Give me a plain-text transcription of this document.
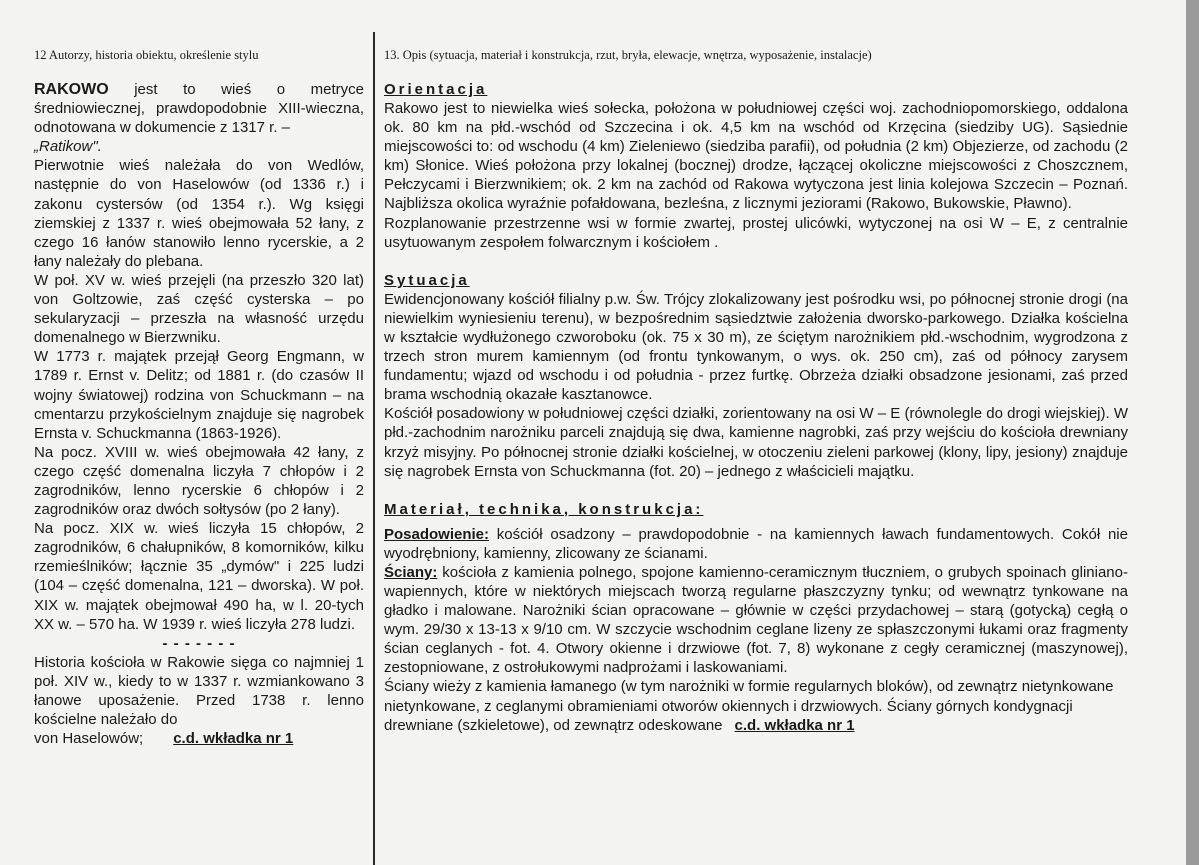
12 Autorzy, historia obiektu, określenie stylu

RAKOWO jest to wieś o metryce średniowiecznej, prawdopodobnie XIII-wieczna, odnotowana w dokumencie z 1317 r. –

„Ratikow".

Pierwotnie wieś należała do von Wedlów, następnie do von Haselowów (od 1336 r.) i zakonu cystersów (od 1354 r.). Wg księgi ziemskiej z 1337 r. wieś obejmowała 52 łany, z czego 16 łanów stanowiło lenno rycerskie, a 2 łany należały do plebana.

W poł. XV w. wieś przejęli (na przeszło 320 lat) von Goltzowie, zaś część cysterska – po sekularyzacji – przeszła na własność urzędu domenalnego w Bierzwniku.

W 1773 r. majątek przejął Georg Engmann, w 1789 r. Ernst v. Delitz; od 1881 r. (do czasów II wojny światowej) rodzina von Schuckmann – na cmentarzu przykościelnym znajduje się nagrobek Ernsta v. Schuckmanna (1863-1926).

Na pocz. XVIII w. wieś obejmowała 42 łany, z czego część domenalna liczyła 7 chłopów i 2 zagrodników, lenno rycerskie 6 chłopów i 2 zagrodników oraz dwóch sołtysów (po 2 łany).

Na pocz. XIX w. wieś liczyła 15 chłopów, 2 zagrodników, 6 chałupników, 8 komorników, kilku rzemieślników; łącznie 35 „dymów" i 225 ludzi (104 – część domenalna, 121 – dworska). W poł. XIX w. majątek obejmował 490 ha, w l. 20-tych XX w. – 570 ha. W 1939 r. wieś liczyła 278 ludzi.

- - - - - - -

Historia kościoła w Rakowie sięga co najmniej 1 poł. XIV w., kiedy to w 1337 r. wzmiankowano 3 łanowe uposażenie. Przed 1738 r. lenno kościelne należało do

von Haselowów; c.d. wkładka nr 1

13. Opis (sytuacja, materiał i konstrukcja, rzut, bryła, elewacje, wnętrza, wyposażenie, instalacje)
Orientacja

Rakowo jest to niewielka wieś sołecka, położona w południowej części woj. zachodniopomorskiego, oddalona ok. 80 km na płd.-wschód od Szczecina i ok. 4,5 km na wschód od Krzęcina (siedziby UG). Sąsiednie miejscowości to: od wschodu (4 km) Zieleniewo (siedziba parafii), od południa (2 km) Objezierze, od zachodu (2 km) Słonice. Wieś położona przy lokalnej (bocznej) drodze, łączącej okoliczne miejscowości z Choszcznem, Pełczycami i Bierzwnikiem; ok. 2 km na zachód od Rakowa wytyczona jest linia kolejowa Szczecin – Poznań. Najbliższa okolica wyraźnie pofałdowana, bezleśna, z licznymi jeziorami (Rakowo, Bukowskie, Pławno).

Rozplanowanie przestrzenne wsi w formie zwartej, prostej ulicówki, wytyczonej na osi W – E, z centralnie usytuowanym zespołem folwarcznym i kościołem .

Sytuacja

Ewidencjonowany kościół filialny p.w. Św. Trójcy zlokalizowany jest pośrodku wsi, po północnej stronie drogi (na niewielkim wyniesieniu terenu), w bezpośrednim sąsiedztwie założenia dworsko-parkowego. Działka kościelna w kształcie wydłużonego czworoboku (ok. 75 x 30 m), ze ściętym narożnikiem płd.-wschodnim, wygrodzona z trzech stron murem kamiennym (od frontu tynkowanym, o wys. ok. 250 cm), zaś od północy zarysem fundamentu; wjazd od wschodu i od południa - przez furtkę. Obrzeża działki obsadzone jesionami, zaś przed brama wschodnią okazałe kasztanowce.

Kościół posadowiony w południowej części działki, zorientowany na osi W – E (równolegle do drogi wiejskiej). W płd.-zachodnim narożniku parceli znajdują się dwa, kamienne nagrobki, zaś przy wejściu do kościoła drewniany krzyż misyjny. Po północnej stronie działki kościelnej, w otoczeniu zieleni parkowej (klony, lipy, jesiony) znajduje się nagrobek Ernsta von Schuckmanna (fot. 20) – jednego z właścicieli majątku.

Materiał, technika, konstrukcja:

Posadowienie: kościół osadzony – prawdopodobnie - na kamiennych ławach fundamentowych. Cokół nie wyodrębniony, kamienny, zlicowany ze ścianami.

Ściany: kościoła z kamienia polnego, spojone kamienno-ceramicznym tłuczniem, o grubych spoinach gliniano-wapiennych, które w niektórych miejscach tworzą regularne płaszczyzny tynku; od wewnątrz tynkowane na gładko i malowane. Narożniki ścian opracowane – głównie w części przydachowej – starą (gotycką) cegłą o wym. 29/30 x 13-13 x 9/10 cm. W szczycie wschodnim ceglane lizeny ze spłaszczonymi łukami oraz fragmenty ścian ceglanych - fot. 4. Otwory okienne i drzwiowe (fot. 7, 8) wykonane z cegły ceramicznej (maszynowej), zestopniowane, z ostrołukowymi nadprożami i laskowaniami.

Ściany wieży z kamienia łamanego (w tym narożniki w formie regularnych bloków), od zewnątrz nietynkowane nietynkowane, z ceglanymi obramieniami otworów okiennych i drzwiowych. Ściany górnych kondygnacji drewniane (szkieletowe), od zewnątrz odeskowane c.d. wkładka nr 1
